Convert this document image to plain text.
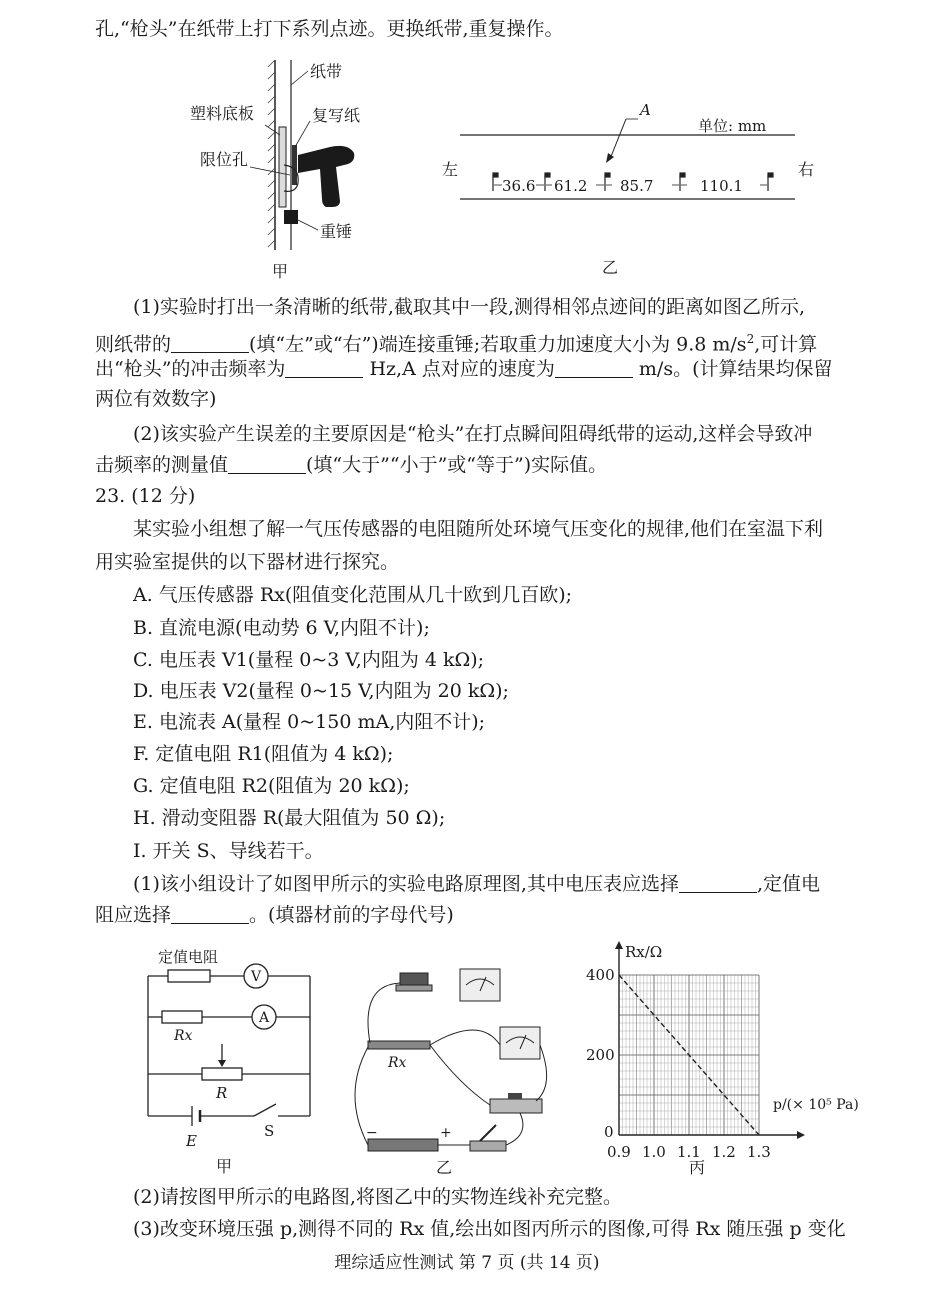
孔,“枪头”在纸带上打下系列点迹。更换纸带,重复操作。
纸带
塑料底板	复写纸
限位孔
重锤
甲
A
单位: mm
左	右
36.6 61.2 85.7	110.1
乙
(1)实验时打出一条清晰的纸带,截取其中一段,测得相邻点迹间的距离如图乙所示,
则纸带的	(填“左”或“右”)端连接重锤;若取重力加速度大小为 9.8 $m/s^2$,可计算
出“枪头”的冲击频率为	Hz,A 点对应的速度为	m/s。(计算结果均保留
两位有效数字)
(2)该实验产生误差的主要原因是“枪头”在打点瞬间阻碍纸带的运动,这样会导致冲
击频率的测量值	(填“大于”“小于”或“等于”)实际值。
23. (12 分)
某实验小组想了解一气压传感器的电阻随所处环境气压变化的规律,他们在室温下利
用实验室提供的以下器材进行探究。
A. 气压传感器 Rx(阻值变化范围从几十欧到几百欧);
B. 直流电源(电动势 6 V,内阻不计);
C. 电压表 V1(量程 0~3 V,内阻为 4 kΩ);
D. 电压表 V2(量程 0~15 V,内阻为 20 kΩ);
E. 电流表 A(量程 0~150 mA,内阻不计);
F. 定值电阻 R1(阻值为 4 kΩ);
G. 定值电阻 R2(阻值为 20 kΩ);
H. 滑动变阻器 R(最大阻值为 50 Ω);
I. 开关 S、导线若干。
(1)该小组设计了如图甲所示的实验电路原理图,其中电压表应选择	,定值电
阻应选择	。(填器材前的字母代号)
定值电阻
V
A
Rx
R
E
S
甲
Rx
−	+
乙
0.9 1.0 1.1 1.2 1.3
0
200
400
Rx/Ω
p/(× 10⁵ Pa)
丙
(2)请按图甲所示的电路图,将图乙中的实物连线补充完整。
(3)改变环境压强 p,测得不同的 Rx 值,绘出如图丙所示的图像,可得 Rx 随压强 p 变化
理综适应性测试 第 7 页 (共 14 页)
